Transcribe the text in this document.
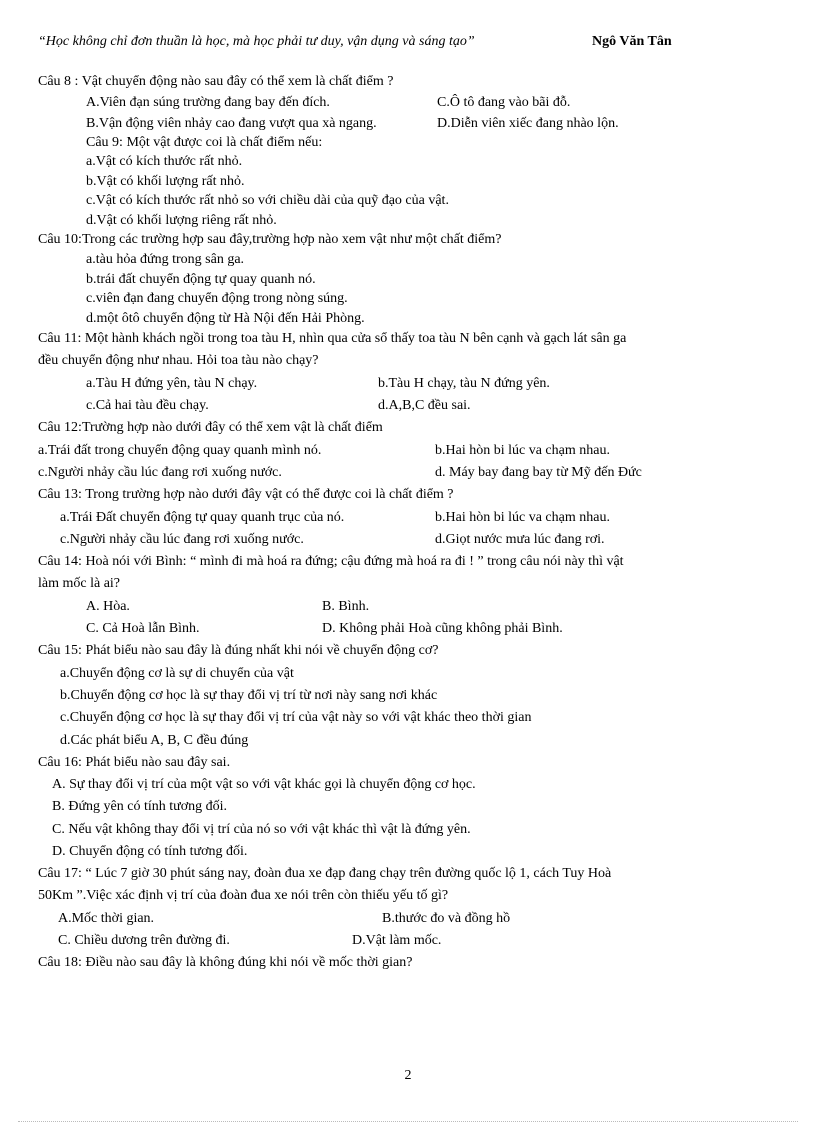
“Học không chỉ đơn thuần là học, mà học phải tư duy, vận dụng và sáng tạo”	Ngô Văn Tân
Câu 8 : Vật chuyển động nào sau đây có thể xem là chất điểm ?
A.Viên đạn súng trường đang bay đến đích.	C.Ô tô đang vào bãi đỗ.
B.Vận động viên nhảy cao đang vượt qua xà ngang.	D.Diễn viên xiếc đang nhào lộn.
Câu 9: Một vật được coi là chất điểm nếu:
a.Vật có kích thước rất nhỏ.
b.Vật có khối lượng rất nhỏ.
c.Vật có kích thước rất nhỏ so với chiều dài của quỹ đạo của vật.
d.Vật có khối lượng riêng rất nhỏ.
Câu 10:Trong các trường hợp sau đây,trường hợp nào xem vật như một chất điểm?
a.tàu hỏa đứng trong sân ga.
b.trái đất chuyển động tự quay quanh nó.
c.viên đạn đang chuyển động trong nòng súng.
d.một ôtô chuyển động từ Hà Nội đến Hải Phòng.
Câu 11: Một hành khách ngồi trong toa tàu H, nhìn qua cửa sổ thấy toa tàu N bên cạnh và gạch lát sân ga
đều chuyển động như nhau. Hỏi toa tàu nào chạy?
a.Tàu H đứng yên, tàu N chạy.	b.Tàu H chạy, tàu N đứng yên.
c.Cả hai tàu đều chạy.	d.A,B,C đều sai.
Câu 12:Trường hợp nào dưới đây có thể xem vật là chất điểm
a.Trái đất trong chuyển động quay quanh mình nó.	b.Hai hòn bi lúc va chạm nhau.
c.Người nhảy cầu lúc đang rơi xuống nước.	d. Máy bay đang bay từ Mỹ đến Đức
Câu 13: Trong trường hợp nào dưới đây vật có thể được coi là chất điểm ?
a.Trái Đất chuyển động tự quay quanh trục của nó.	b.Hai hòn bi lúc va chạm nhau.
c.Người nhảy cầu lúc đang rơi xuống nước.	d.Giọt nước mưa lúc đang rơi.
Câu 14: Hoà nói với Bình: “ mình đi mà hoá ra đứng; cậu đứng mà hoá ra đi ! ” trong câu nói này thì vật
làm mốc là ai?
A. Hòa.	B. Bình.
C. Cả Hoà lẫn Bình.	D. Không phải Hoà cũng không phải Bình.
Câu 15: Phát biểu nào sau đây là đúng nhất khi nói về chuyển động cơ?
a.Chuyển động cơ là sự di chuyển của vật
b.Chuyển động cơ học là sự thay đổi vị trí từ nơi này sang nơi khác
c.Chuyển động cơ học là sự thay đổi vị trí của vật này so với vật khác theo thời gian
d.Các phát biểu A, B, C đều đúng
Câu 16: Phát biểu nào sau đây sai.
A. Sự thay đổi vị trí của một vật so với vật khác gọi là chuyển động cơ học.
B. Đứng yên có tính tương đối.
C. Nếu vật không thay đổi vị trí của nó so với vật khác thì vật là đứng yên.
D. Chuyển động có tính tương đối.
Câu 17: “ Lúc 7 giờ 30 phút sáng nay, đoàn đua xe đạp đang chạy trên đường quốc lộ 1, cách Tuy Hoà
50Km ”.Việc xác định vị trí của đoàn đua xe nói trên còn thiếu yếu tố gì?
A.Mốc thời gian.	B.thước đo và đồng hồ
C. Chiều dương trên đường đi.	D.Vật làm mốc.
Câu 18: Điều nào sau đây là không đúng khi nói về mốc thời gian?
2
